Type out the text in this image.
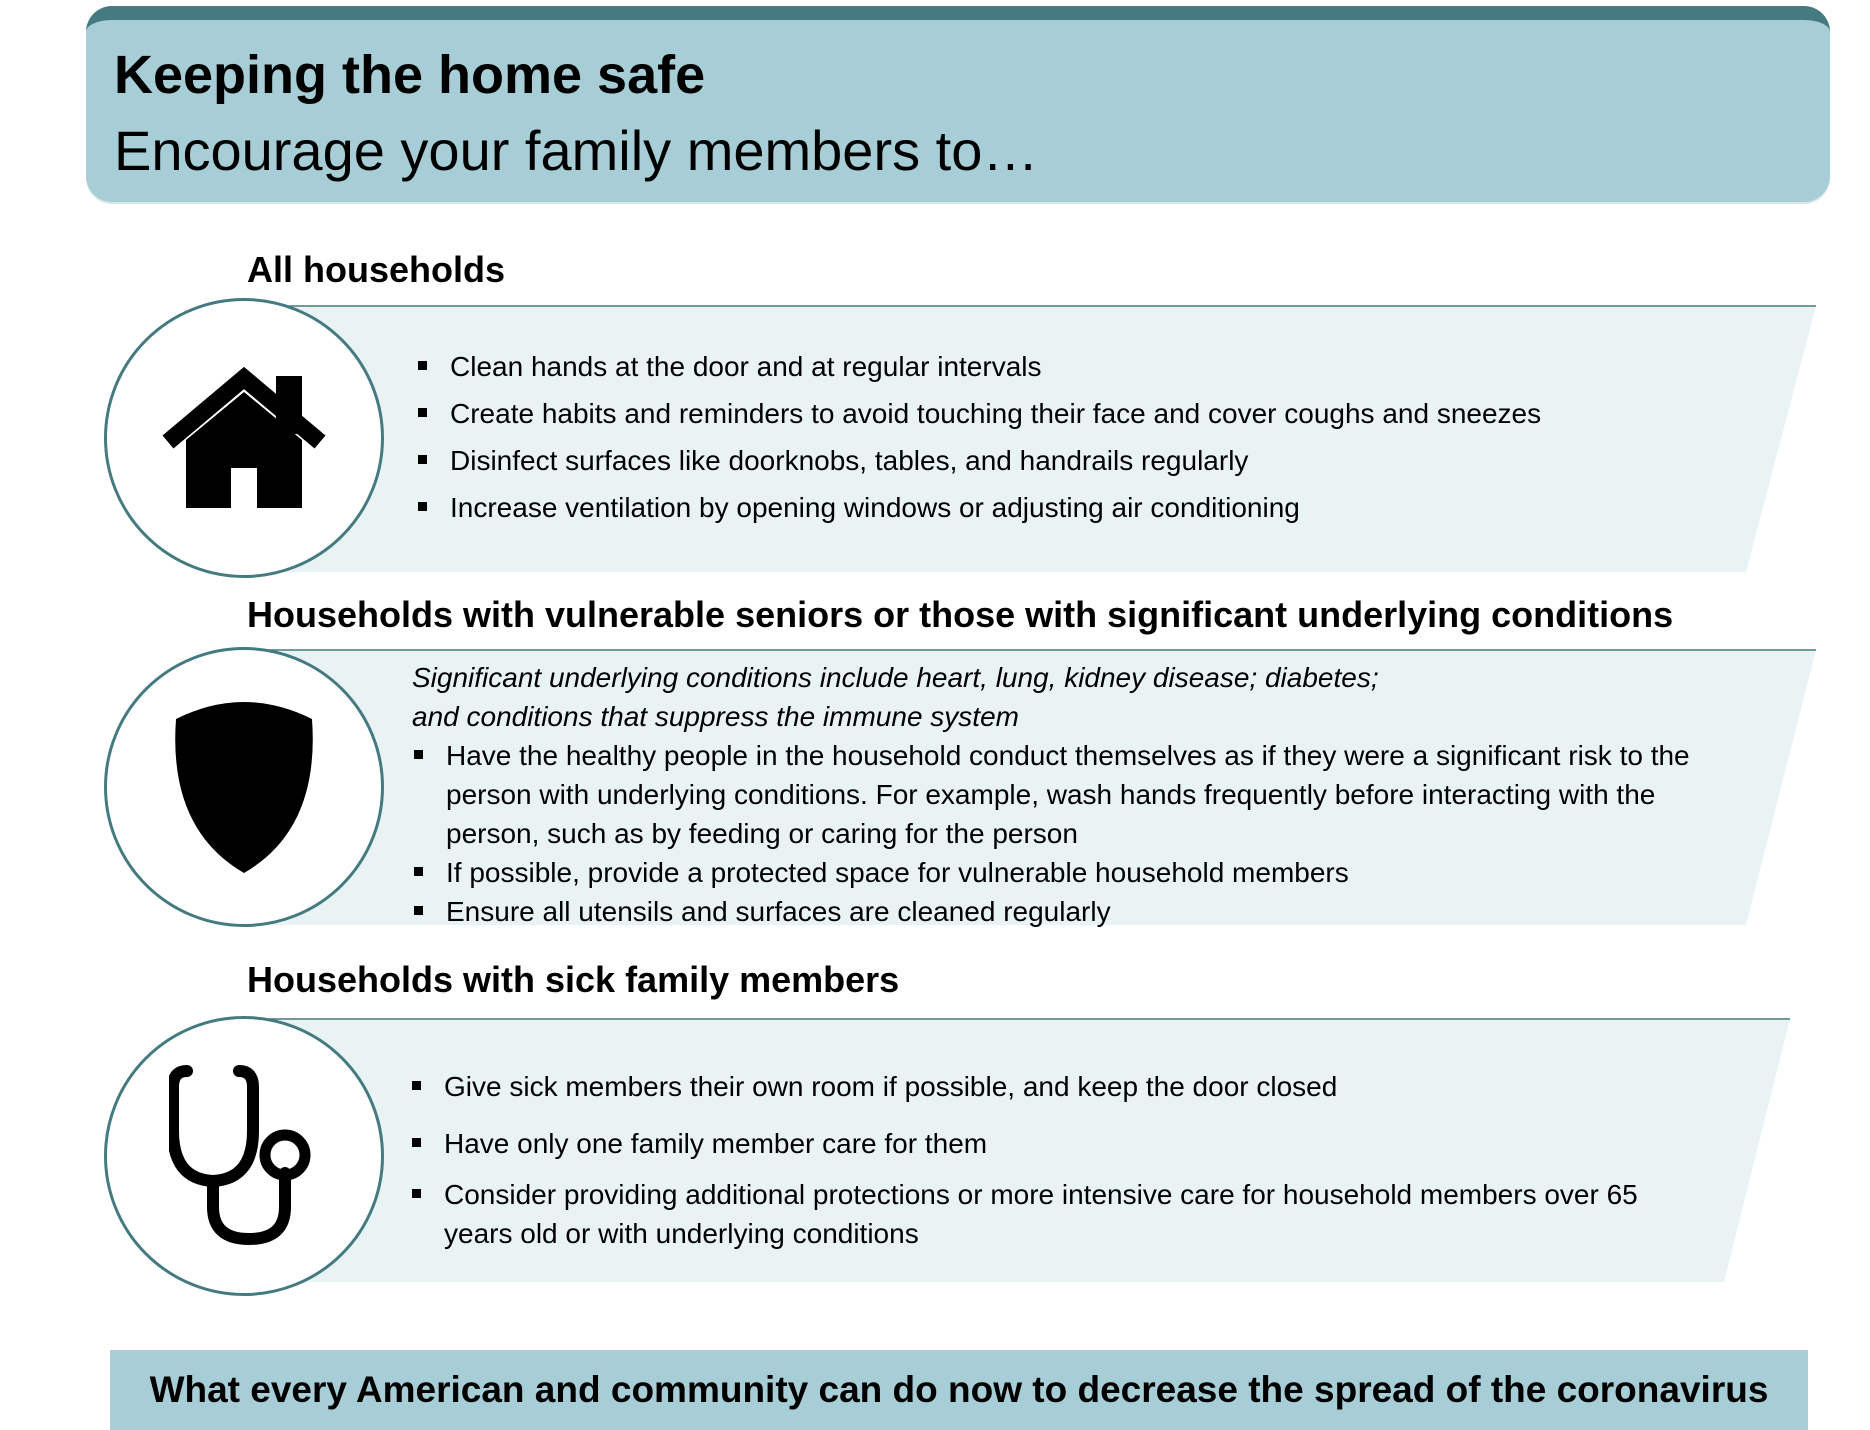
Keeping the home safe
Encourage your family members to…
All households
Clean hands at the door and at regular intervals
Create habits and reminders to avoid touching their face and cover coughs and sneezes
Disinfect surfaces like doorknobs, tables, and handrails regularly
Increase ventilation by opening windows or adjusting air conditioning
Households with vulnerable seniors or those with significant underlying conditions
Significant underlying conditions include heart, lung, kidney disease; diabetes;
and conditions that suppress the immune system
Have the healthy people in the household conduct themselves as if they were a significant risk to the
person with underlying conditions. For example, wash hands frequently before interacting with the
person, such as by feeding or caring for the person
If possible, provide a protected space for vulnerable household members
Ensure all utensils and surfaces are cleaned regularly
Households with sick family members
Give sick members their own room if possible, and keep the door closed
Have only one family member care for them
Consider providing additional protections or more intensive care for household members over 65
years old or with underlying conditions
What every American and community can do now to decrease the spread of the coronavirus
